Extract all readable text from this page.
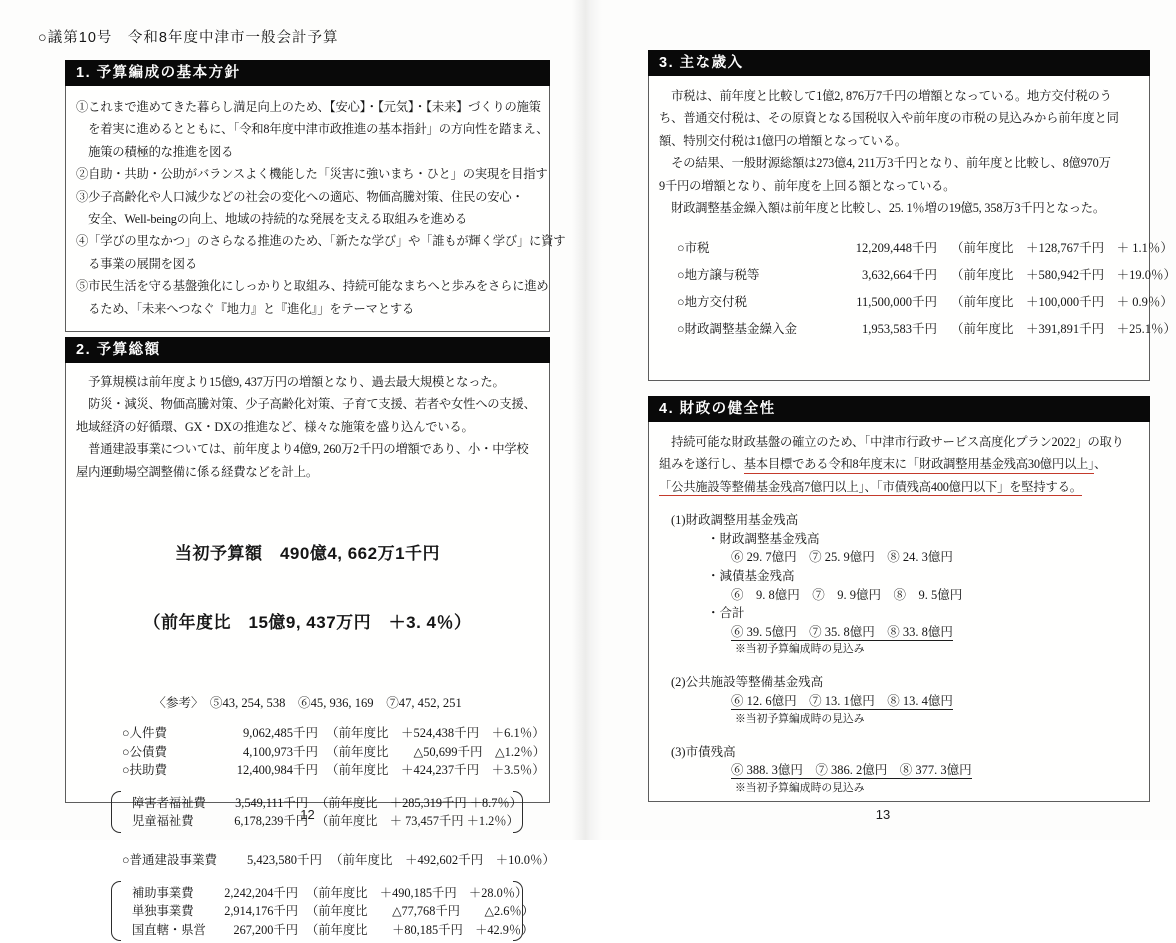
○議第10号　令和8年度中津市一般会計予算
1. 予算編成の基本方針
①これまで進めてきた暮らし満足向上のため、【安心】・【元気】・【未来】づくりの施策
　を着実に進めるとともに、「令和8年度中津市政推進の基本指針」の方向性を踏まえ、
　施策の積極的な推進を図る
②自助・共助・公助がバランスよく機能した「災害に強いまち・ひと」の実現を目指す
③少子高齢化や人口減少などの社会の変化への適応、物価高騰対策、住民の安心・
　安全、Well-beingの向上、地域の持続的な発展を支える取組みを進める
④「学びの里なかつ」のさらなる推進のため、「新たな学び」や「誰もが輝く学び」に資す
　る事業の展開を図る
⑤市民生活を守る基盤強化にしっかりと取組み、持続可能なまちへと歩みをさらに進め
　るため、「未来へつなぐ『地力』と『進化』」をテーマとする
2. 予算総額
　予算規模は前年度より15億9, 437万円の増額となり、過去最大規模となった。
　防災・減災、物価高騰対策、少子高齢化対策、子育て支援、若者や女性への支援、
地域経済の好循環、GX・DXの推進など、様々な施策を盛り込んでいる。
　普通建設事業については、前年度より4億9, 260万2千円の増額であり、小・中学校
屋内運動場空調整備に係る経費などを計上。

当初予算額　490億4, 662万1千円

（前年度比　15億9, 437万円　＋3. 4％）

〈参考〉　⑤43, 254, 538　⑥45, 936, 169　⑦47, 452, 251
○人件費	9,062,485千円 （前年度比　＋524,438千円　＋6.1％）
○公債費	4,100,973千円 （前年度比　　△50,699千円　△1.2％）
○扶助費	12,400,984千円 （前年度比　＋424,237千円　＋3.5％）
障害者福祉費	3,549,111千円 （前年度比　＋285,319千円 ＋8.7％）
児童福祉費	6,178,239千円 （前年度比　＋ 73,457千円 ＋1.2％）
○普通建設事業費	5,423,580千円 （前年度比　＋492,602千円　＋10.0％）
補助事業費	2,242,204千円 （前年度比　＋490,185千円　＋28.0％）
単独事業費	2,914,176千円 （前年度比　　△77,768千円　　△2.6％）
国直轄・県営	267,200千円 （前年度比　　＋80,185千円　＋42.9％）
12
3. 主な歳入
　市税は、前年度と比較して1億2, 876万7千円の増額となっている。地方交付税のう
ち、普通交付税は、その原資となる国税収入や前年度の市税の見込みから前年度と同
額、特別交付税は1億円の増額となっている。
　その結果、一般財源総額は273億4, 211万3千円となり、前年度と比較し、8億970万
9千円の増額となり、前年度を上回る額となっている。
　財政調整基金繰入額は前年度と比較し、25. 1％増の19億5, 358万3千円となった。
○市税	12,209,448千円	（前年度比　＋128,767千円　＋ 1.1％）
○地方譲与税等	3,632,664千円	（前年度比　＋580,942千円　＋19.0％）
○地方交付税	11,500,000千円	（前年度比　＋100,000千円　＋ 0.9％）
○財政調整基金繰入金	1,953,583千円	（前年度比　＋391,891千円　＋25.1％）
4. 財政の健全性
　持続可能な財政基盤の確立のため、「中津市行政サービス高度化プラン2022」の取り
組みを遂行し、基本目標である令和8年度末に「財政調整用基金残高30億円以上」、
「公共施設等整備基金残高7億円以上」、「市債残高400億円以下」を堅持する。
(1)財政調整用基金残高
・財政調整基金残高
⑥ 29. 7億円　⑦ 25. 9億円　⑧ 24. 3億円
・減債基金残高
⑥　9. 8億円　⑦　9. 9億円　⑧　9. 5億円
・合計
⑥ 39. 5億円　⑦ 35. 8億円　⑧ 33. 8億円
※当初予算編成時の見込み
(2)公共施設等整備基金残高
⑥ 12. 6億円　⑦ 13. 1億円　⑧ 13. 4億円
※当初予算編成時の見込み
(3)市債残高
⑥ 388. 3億円　⑦ 386. 2億円　⑧ 377. 3億円
※当初予算編成時の見込み
13
